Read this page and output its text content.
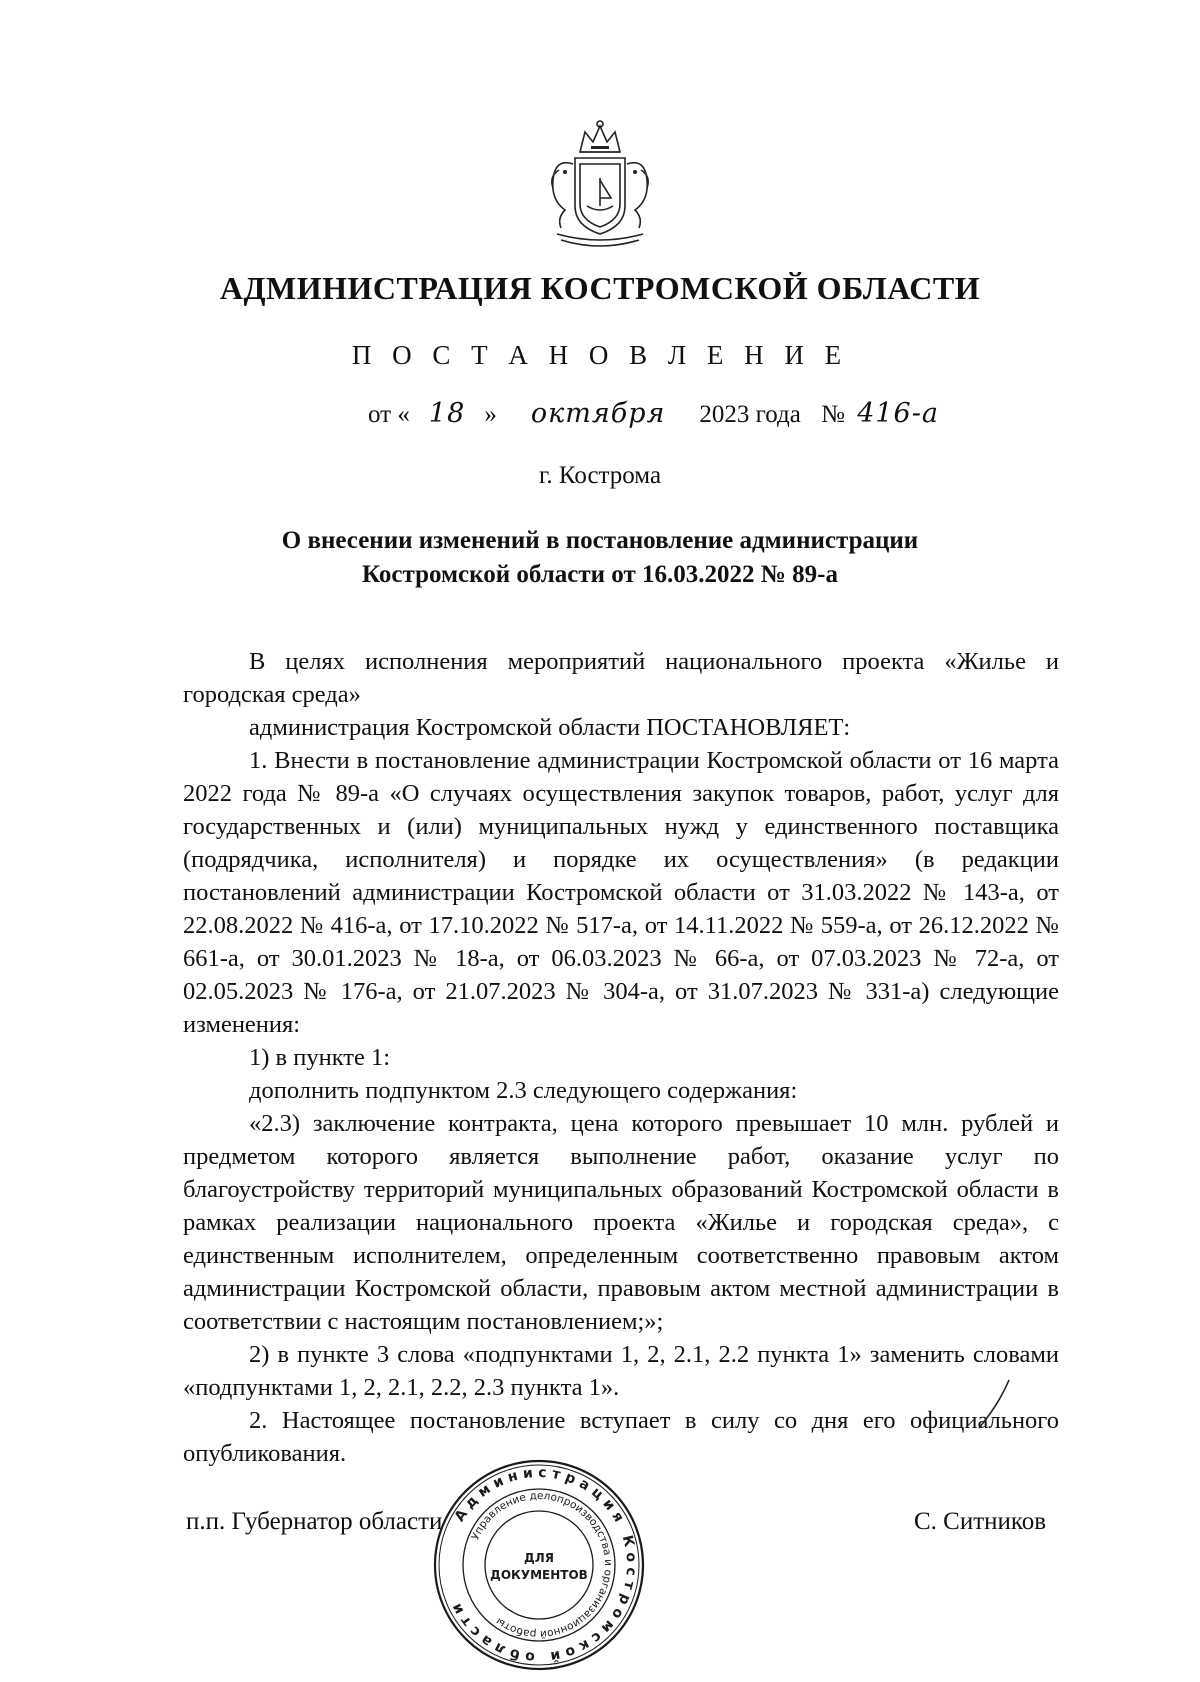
АДМИНИСТРАЦИЯ КОСТРОМСКОЙ ОБЛАСТИ
П О С Т А Н О В Л Е Н И Е
от « 18 » октября 2023 года № 416-а
г. Кострома
О внесении изменений в постановление администрации
Костромской области от 16.03.2022 № 89-а

В целях исполнения мероприятий национального проекта «Жилье и городская среда»

администрация Костромской области ПОСТАНОВЛЯЕТ:

1. Внести в постановление администрации Костромской области от 16 марта 2022 года № 89-а «О случаях осуществления закупок товаров, работ, услуг для государственных и (или) муниципальных нужд у единственного поставщика (подрядчика, исполнителя) и порядке их осуществления» (в редакции постановлений администрации Костромской области от 31.03.2022 № 143-а, от 22.08.2022 № 416-а, от 17.10.2022 № 517-а, от 14.11.2022 № 559-а, от 26.12.2022 № 661-а, от 30.01.2023 № 18-а, от 06.03.2023 № 66-а, от 07.03.2023 № 72-а, от 02.05.2023 № 176-а, от 21.07.2023 № 304-а, от 31.07.2023 № 331-а) следующие изменения:

1) в пункте 1:

дополнить подпунктом 2.3 следующего содержания:

«2.3) заключение контракта, цена которого превышает 10 млн. рублей и предметом которого является выполнение работ, оказание услуг по благоустройству территорий муниципальных образований Костромской области в рамках реализации национального проекта «Жилье и городская среда», с единственным исполнителем, определенным соответственно правовым актом администрации Костромской области, правовым актом местной администрации в соответствии с настоящим постановлением;»;

2) в пункте 3 слова «подпунктами 1, 2, 2.1, 2.2 пункта 1» заменить словами «подпунктами 1, 2, 2.1, 2.2, 2.3 пункта 1».

2. Настоящее постановление вступает в силу со дня его официального опубликования.

п.п. Губернатор области	С. Ситников
Администрация Костромской области
Управление делопроизводства и организационной работы
ДЛЯ
ДОКУМЕНТОВ
